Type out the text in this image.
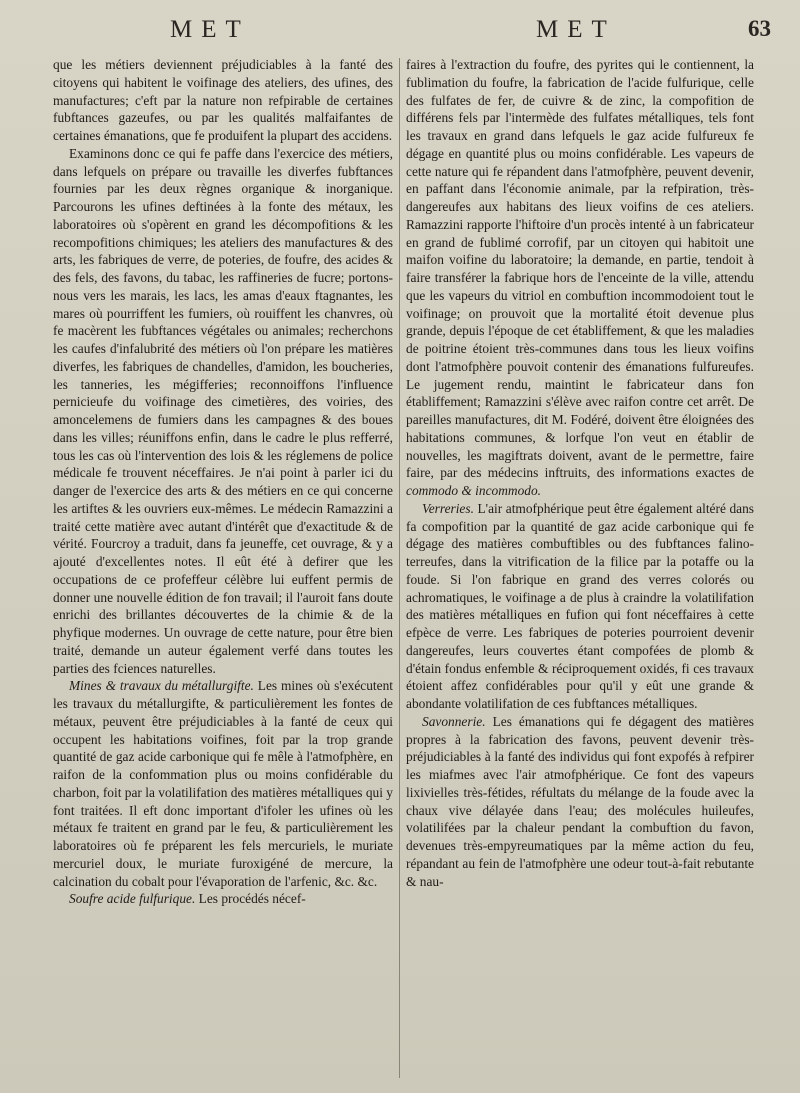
MET	MET	63

que les métiers deviennent préjudiciables à la fanté des citoyens qui habitent le voifinage des ateliers, des ufines, des manufactures; c'eft par la nature non refpirable de certaines fubftances gazeufes, ou par les qualités malfaifantes de certaines émanations, que fe produifent la plupart des accidens.

Examinons donc ce qui fe paffe dans l'exercice des métiers, dans lefquels on prépare ou travaille les diverfes fubftances fournies par les deux règnes organique & inorganique. Parcourons les ufines deftinées à la fonte des métaux, les laboratoires où s'opèrent en grand les décompofitions & les recompofitions chimiques; les ateliers des manufactures & des arts, les fabriques de verre, de poteries, de foufre, des acides & des fels, des favons, du tabac, les raffineries de fucre; portons-nous vers les marais, les lacs, les amas d'eaux ftagnantes, les mares où pourriffent les fumiers, où rouiffent les chanvres, où fe macèrent les fubftances végétales ou animales; recherchons les caufes d'infalubrité des métiers où l'on prépare les matières diverfes, les fabriques de chandelles, d'amidon, les boucheries, les tanneries, les mégifferies; reconnoiffons l'influence pernicieufe du voifinage des cimetières, des voiries, des amoncelemens de fumiers dans les campagnes & des boues dans les villes; réuniffons enfin, dans le cadre le plus refferré, tous les cas où l'intervention des lois & les réglemens de police médicale fe trouvent néceffaires. Je n'ai point à parler ici du danger de l'exercice des arts & des métiers en ce qui concerne les artiftes & les ouvriers eux-mêmes. Le médecin Ramazzini a traité cette matière avec autant d'intérêt que d'exactitude & de vérité. Fourcroy a traduit, dans fa jeuneffe, cet ouvrage, & y a ajouté d'excellentes notes. Il eût été à defirer que les occupations de ce profeffeur célèbre lui euffent permis de donner une nouvelle édition de fon travail; il l'auroit fans doute enrichi des brillantes découvertes de la chimie & de la phyfique modernes. Un ouvrage de cette nature, pour être bien traité, demande un auteur également verfé dans toutes les parties des fciences naturelles.

Mines & travaux du métallurgifte. Les mines où s'exécutent les travaux du métallurgifte, & particulièrement les fontes de métaux, peuvent être préjudiciables à la fanté de ceux qui occupent les habitations voifines, foit par la trop grande quantité de gaz acide carbonique qui fe mêle à l'atmofphère, en raifon de la confommation plus ou moins confidérable du charbon, foit par la volatilifation des matières métalliques qui y font traitées. Il eft donc important d'ifoler les ufines où les métaux fe traitent en grand par le feu, & particulièrement les laboratoires où fe préparent les fels mercuriels, le muriate mercuriel doux, le muriate furoxigéné de mercure, la calcination du cobalt pour l'évaporation de l'arfenic, &c. &c.

Soufre acide fulfurique. Les procédés nécef-

faires à l'extraction du foufre, des pyrites qui le contiennent, la fublimation du foufre, la fabrication de l'acide fulfurique, celle des fulfates de fer, de cuivre & de zinc, la compofition de différens fels par l'intermède des fulfates métalliques, tels font les travaux en grand dans lefquels le gaz acide fulfureux fe dégage en quantité plus ou moins confidérable. Les vapeurs de cette nature qui fe répandent dans l'atmofphère, peuvent devenir, en paffant dans l'économie animale, par la refpiration, très-dangereufes aux habitans des lieux voifins de ces ateliers. Ramazzini rapporte l'hiftoire d'un procès intenté à un fabricateur en grand de fublimé corrofif, par un citoyen qui habitoit une maifon voifine du laboratoire; la demande, en partie, tendoit à faire transférer la fabrique hors de l'enceinte de la ville, attendu que les vapeurs du vitriol en combuftion incommodoient tout le voifinage; on prouvoit que la mortalité étoit devenue plus grande, depuis l'époque de cet établiffement, & que les maladies de poitrine étoient très-communes dans tous les lieux voifins dont l'atmofphère pouvoit contenir des émanations fulfureufes. Le jugement rendu, maintint le fabricateur dans fon établiffement; Ramazzini s'élève avec raifon contre cet arrêt. De pareilles manufactures, dit M. Fodéré, doivent être éloignées des habitations communes, & lorfque l'on veut en établir de nouvelles, les magiftrats doivent, avant de le permettre, faire faire, par des médecins inftruits, des informations exactes de commodo & incommodo.

Verreries. L'air atmofphérique peut être également altéré dans fa compofition par la quantité de gaz acide carbonique qui fe dégage des matières combuftibles ou des fubftances falino-terreufes, dans la vitrification de la filice par la potaffe ou la foude. Si l'on fabrique en grand des verres colorés ou achromatiques, le voifinage a de plus à craindre la volatilifation des matières métalliques en fufion qui font néceffaires à cette efpèce de verre. Les fabriques de poteries pourroient devenir dangereufes, leurs couvertes étant compofées de plomb & d'étain fondus enfemble & réciproquement oxidés, fi ces travaux étoient affez confidérables pour qu'il y eût une grande & abondante volatilifation de ces fubftances métalliques.

Savonnerie. Les émanations qui fe dégagent des matières propres à la fabrication des favons, peuvent devenir très-préjudiciables à la fanté des individus qui font expofés à refpirer les miafmes avec l'air atmofphérique. Ce font des vapeurs lixivielles très-fétides, réfultats du mélange de la foude avec la chaux vive délayée dans l'eau; des molécules huileufes, volatilifées par la chaleur pendant la combuftion du favon, devenues très-empyreumatiques par la même action du feu, répandant au fein de l'atmofphère une odeur tout-à-fait rebutante & nau-
